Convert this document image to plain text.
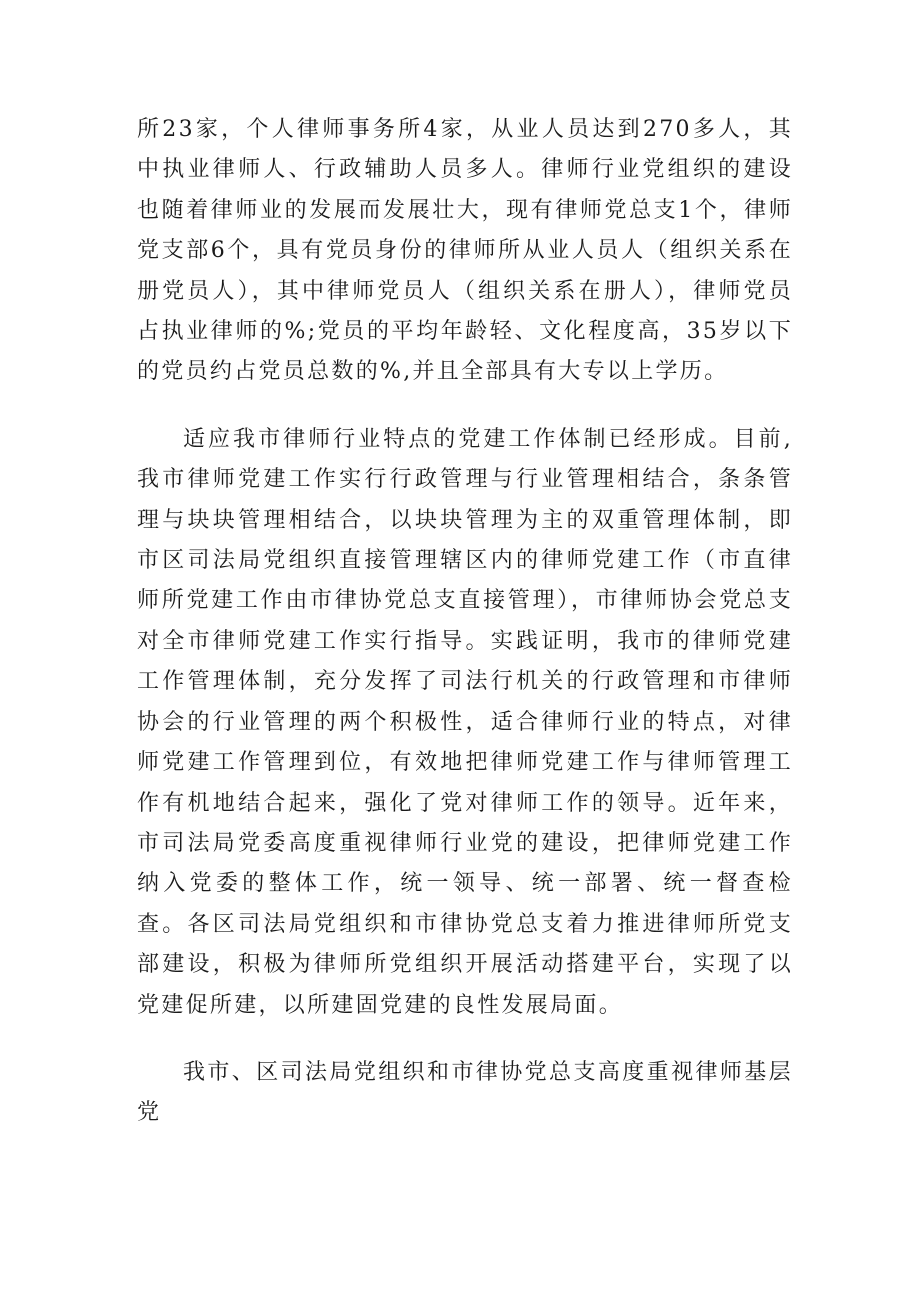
所23家，个人律师事务所4家，从业人员达到270多人，其中执业律师人、行政辅助人员多人。律师行业党组织的建设也随着律师业的发展而发展壮大，现有律师党总支1个，律师党支部6个，具有党员身份的律师所从业人员人（组织关系在册党员人），其中律师党员人（组织关系在册人），律师党员占执业律师的%;党员的平均年龄轻、文化程度高，35岁以下的党员约占党员总数的%,并且全部具有大专以上学历。

适应我市律师行业特点的党建工作体制已经形成。目前,我市律师党建工作实行行政管理与行业管理相结合，条条管理与块块管理相结合，以块块管理为主的双重管理体制，即市区司法局党组织直接管理辖区内的律师党建工作（市直律师所党建工作由市律协党总支直接管理），市律师协会党总支对全市律师党建工作实行指导。实践证明，我市的律师党建工作管理体制，充分发挥了司法行机关的行政管理和市律师协会的行业管理的两个积极性，适合律师行业的特点，对律师党建工作管理到位，有效地把律师党建工作与律师管理工作有机地结合起来，强化了党对律师工作的领导。近年来，市司法局党委高度重视律师行业党的建设，把律师党建工作纳入党委的整体工作，统一领导、统一部署、统一督查检查。各区司法局党组织和市律协党总支着力推进律师所党支部建设，积极为律师所党组织开展活动搭建平台，实现了以党建促所建，以所建固党建的良性发展局面。

我市、区司法局党组织和市律协党总支高度重视律师基层党
